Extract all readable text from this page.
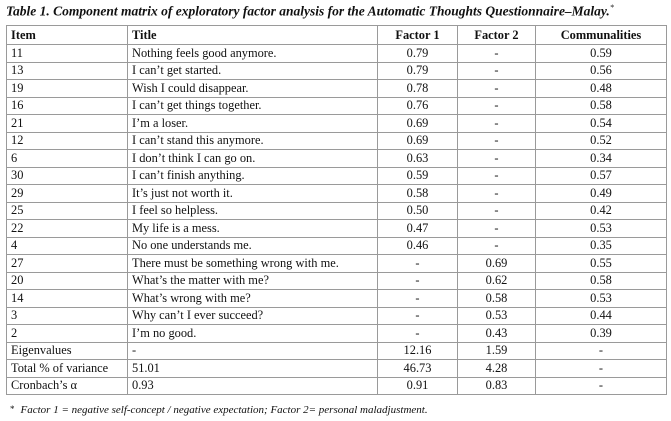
Table 1. Component matrix of exploratory factor analysis for the Automatic Thoughts Questionnaire–Malay.*
Item	Title	Factor 1	Factor 2	Communalities
11	Nothing feels good anymore.	0.79	-	0.59
13	I can’t get started.	0.79	-	0.56
19	Wish I could disappear.	0.78	-	0.48
16	I can’t get things together.	0.76	-	0.58
21	I’m a loser.	0.69	-	0.54
12	I can’t stand this anymore.	0.69	-	0.52
6	I don’t think I can go on.	0.63	-	0.34
30	I can’t finish anything.	0.59	-	0.57
29	It’s just not worth it.	0.58	-	0.49
25	I feel so helpless.	0.50	-	0.42
22	My life is a mess.	0.47	-	0.53
4	No one understands me.	0.46	-	0.35
27	There must be something wrong with me.	-	0.69	0.55
20	What’s the matter with me?	-	0.62	0.58
14	What’s wrong with me?	-	0.58	0.53
3	Why can’t I ever succeed?	-	0.53	0.44
2	I’m no good.	-	0.43	0.39
Eigenvalues	-	12.16	1.59	-
Total % of variance	51.01	46.73	4.28	-
Cronbach’s α	0.93	0.91	0.83	-
* Factor 1 = negative self-concept / negative expectation; Factor 2= personal maladjustment.
